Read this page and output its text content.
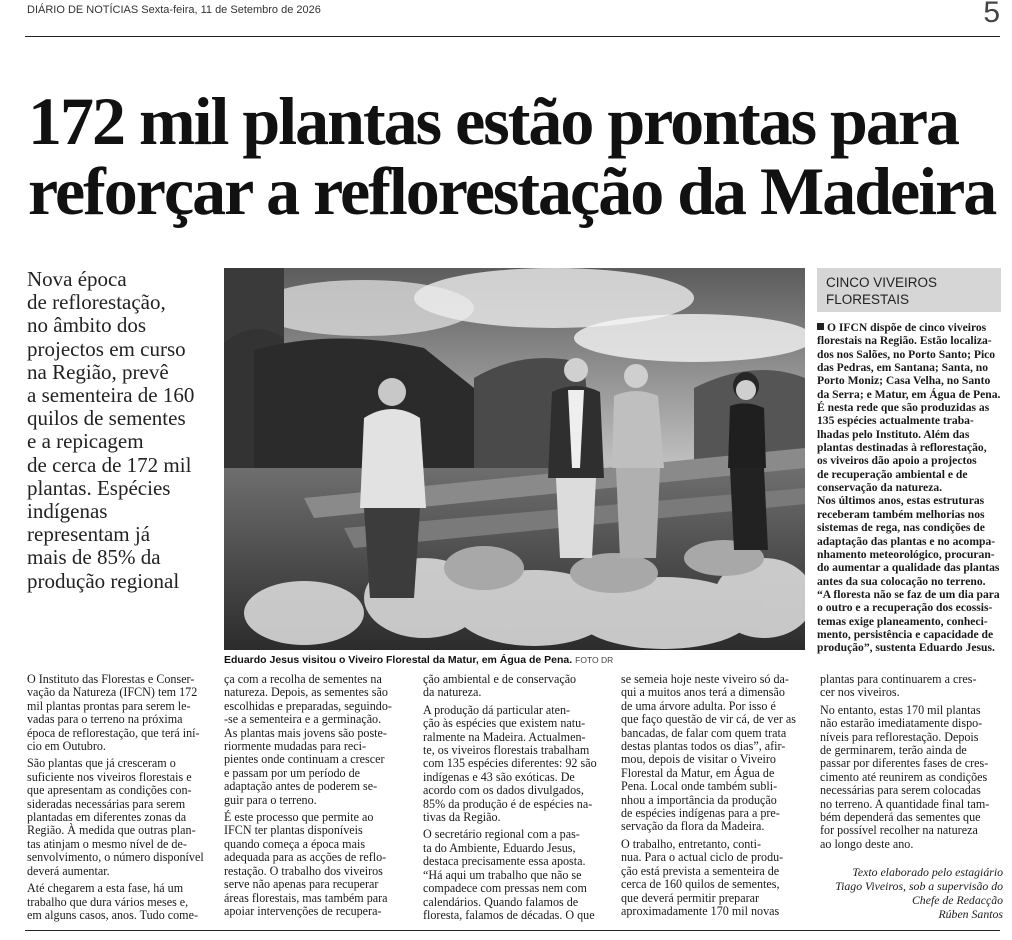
DIÁRIO DE NOTÍCIAS Sexta-feira, 11 de Setembro de 2026	5
172 mil plantas estão prontas para
reforçar a reflorestação da Madeira
Nova época
de reflorestação,
no âmbito dos
projectos em curso
na Região, prevê
a sementeira de 160
quilos de sementes
e a repicagem
de cerca de 172 mil
plantas. Espécies
indígenas
representam já
mais de 85% da
produção regional
Eduardo Jesus visitou o Viveiro Florestal da Matur, em Água de Pena. FOTO DR
CINCO VIVEIROS
FLORESTAIS
O IFCN dispõe de cinco viveiros
florestais na Região. Estão localiza-
dos nos Salões, no Porto Santo; Pico
das Pedras, em Santana; Santa, no
Porto Moniz; Casa Velha, no Santo
da Serra; e Matur, em Água de Pena.
É nesta rede que são produzidas as
135 espécies actualmente traba-
lhadas pelo Instituto. Além das
plantas destinadas à reflorestação,
os viveiros dão apoio a projectos
de recuperação ambiental e de
conservação da natureza.
Nos últimos anos, estas estruturas
receberam também melhorias nos
sistemas de rega, nas condições de
adaptação das plantas e no acompa-
nhamento meteorológico, procuran-
do aumentar a qualidade das plantas
antes da sua colocação no terreno.
“A floresta não se faz de um dia para
o outro e a recuperação dos ecossis-
temas exige planeamento, conheci-
mento, persistência e capacidade de
produção”, sustenta Eduardo Jesus.
O Instituto das Florestas e Conser-
vação da Natureza (IFCN) tem 172
mil plantas prontas para serem le-
vadas para o terreno na próxima
época de reflorestação, que terá iní-
cio em Outubro.
São plantas que já cresceram o
suficiente nos viveiros florestais e
que apresentam as condições con-
sideradas necessárias para serem
plantadas em diferentes zonas da
Região. À medida que outras plan-
tas atinjam o mesmo nível de de-
senvolvimento, o número disponível
deverá aumentar.
Até chegarem a esta fase, há um
trabalho que dura vários meses e,
em alguns casos, anos. Tudo come-
ça com a recolha de sementes na
natureza. Depois, as sementes são
escolhidas e preparadas, seguindo-
-se a sementeira e a germinação.
As plantas mais jovens são poste-
riormente mudadas para reci-
pientes onde continuam a crescer
e passam por um período de
adaptação antes de poderem se-
guir para o terreno.
É este processo que permite ao
IFCN ter plantas disponíveis
quando começa a época mais
adequada para as acções de reflo-
restação. O trabalho dos viveiros
serve não apenas para recuperar
áreas florestais, mas também para
apoiar intervenções de recupera-
ção ambiental e de conservação
da natureza.
A produção dá particular aten-
ção às espécies que existem natu-
ralmente na Madeira. Actualmen-
te, os viveiros florestais trabalham
com 135 espécies diferentes: 92 são
indígenas e 43 são exóticas. De
acordo com os dados divulgados,
85% da produção é de espécies na-
tivas da Região.
O secretário regional com a pas-
ta do Ambiente, Eduardo Jesus,
destaca precisamente essa aposta.
“Há aqui um trabalho que não se
compadece com pressas nem com
calendários. Quando falamos de
floresta, falamos de décadas. O que
se semeia hoje neste viveiro só da-
qui a muitos anos terá a dimensão
de uma árvore adulta. Por isso é
que faço questão de vir cá, de ver as
bancadas, de falar com quem trata
destas plantas todos os dias”, afir-
mou, depois de visitar o Viveiro
Florestal da Matur, em Água de
Pena. Local onde também subli-
nhou a importância da produção
de espécies indígenas para a pre-
servação da flora da Madeira.
O trabalho, entretanto, conti-
nua. Para o actual ciclo de produ-
ção está prevista a sementeira de
cerca de 160 quilos de sementes,
que deverá permitir preparar
aproximadamente 170 mil novas
plantas para continuarem a cres-
cer nos viveiros.
No entanto, estas 170 mil plantas
não estarão imediatamente dispo-
níveis para reflorestação. Depois
de germinarem, terão ainda de
passar por diferentes fases de cres-
cimento até reunirem as condições
necessárias para serem colocadas
no terreno. A quantidade final tam-
bém dependerá das sementes que
for possível recolher na natureza
ao longo deste ano.
Texto elaborado pelo estagiário
Tiago Viveiros, sob a supervisão do
Chefe de Redacção
Rúben Santos
